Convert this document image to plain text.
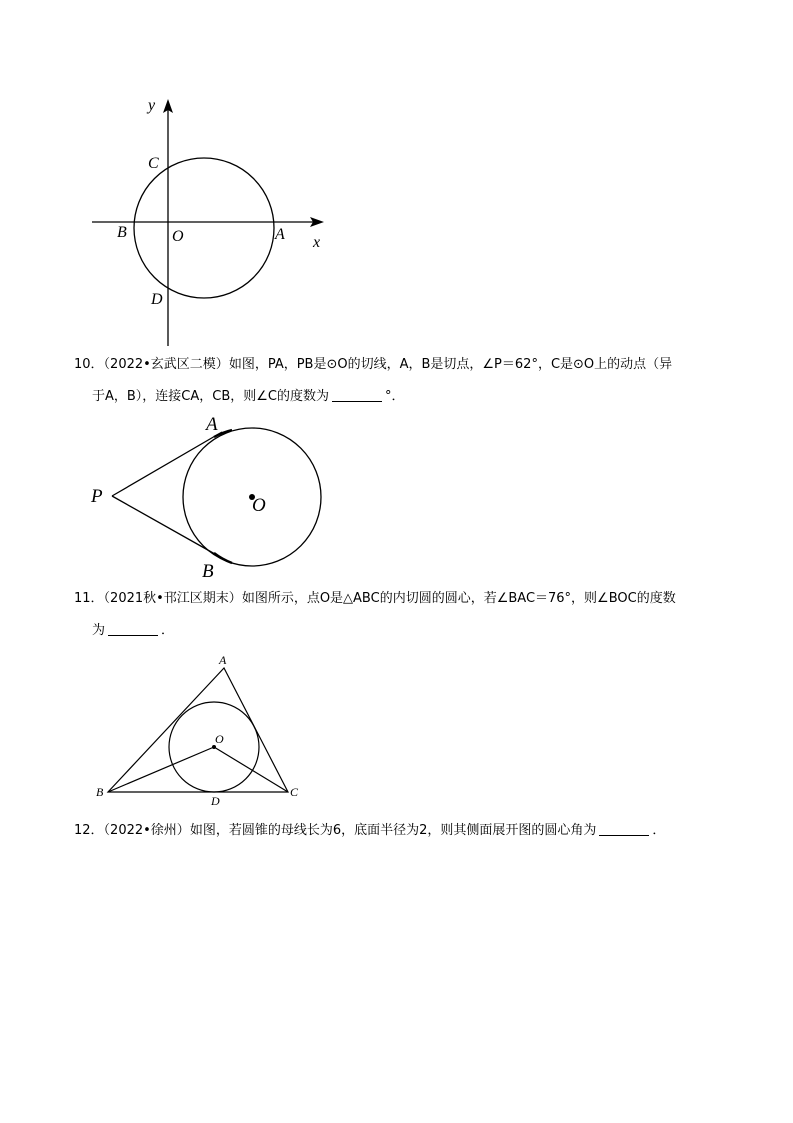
y
x
C
B	O	A
D
10．（2022•玄武区二模）如图，PA，PB是⊙O的切线，A，B是切点，∠P＝62°，C是⊙O上的动点（异
于A，B），连接CA，CB，则∠C的度数为	°．
A
P	O
B
11．（2021秋•邗江区期末）如图所示，点O是△ABC的内切圆的圆心，若∠BAC＝76°，则∠BOC的度数
为	．
A
O
B
D
C
12．（2022•徐州）如图，若圆锥的母线长为6，底面半径为2，则其侧面展开图的圆心角为	．
